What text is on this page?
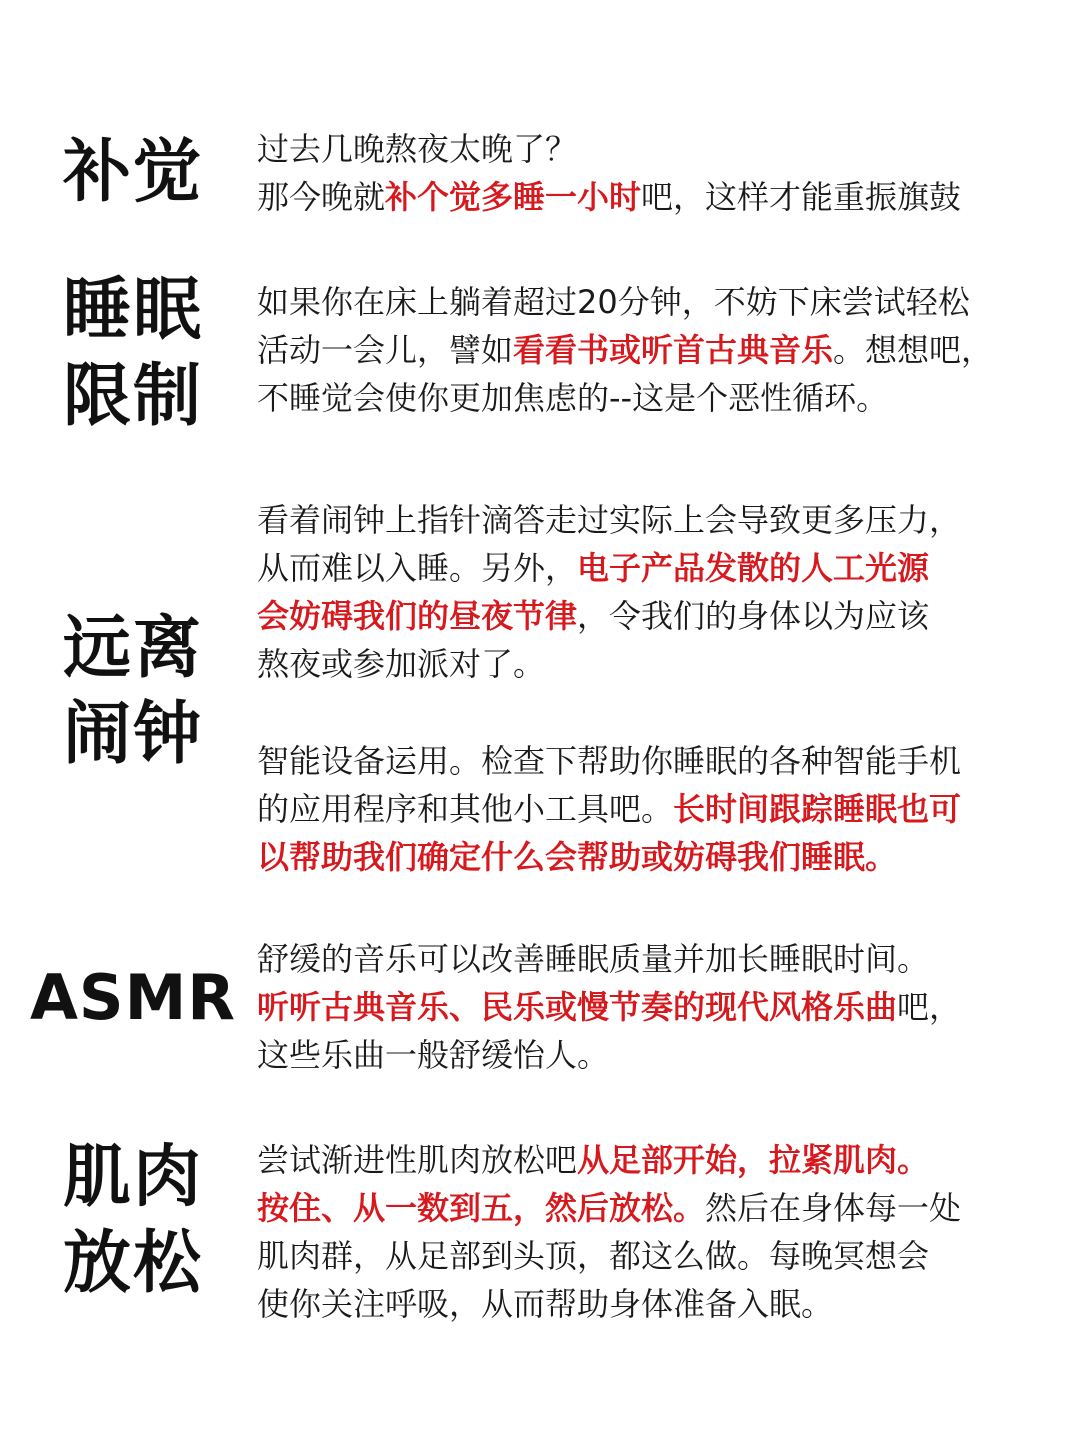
补觉	过去几晚熬夜太晚了？
那今晚就补个觉多睡一小时吧，这样才能重振旗鼓
睡眠
限制
如果你在床上躺着超过20分钟，不妨下床尝试轻松
活动一会儿，譬如看看书或听首古典音乐。想想吧，
不睡觉会使你更加焦虑的--这是个恶性循环。
远离
闹钟
看着闹钟上指针滴答走过实际上会导致更多压力，
从而难以入睡。另外，电子产品发散的人工光源
会妨碍我们的昼夜节律，令我们的身体以为应该
熬夜或参加派对了。
智能设备运用。检查下帮助你睡眠的各种智能手机
的应用程序和其他小工具吧。长时间跟踪睡眠也可
以帮助我们确定什么会帮助或妨碍我们睡眠。
ASMR
舒缓的音乐可以改善睡眠质量并加长睡眠时间。
听听古典音乐、民乐或慢节奏的现代风格乐曲吧，
这些乐曲一般舒缓怡人。
肌肉
放松
尝试渐进性肌肉放松吧从足部开始，拉紧肌肉。
按住、从一数到五，然后放松。然后在身体每一处
肌肉群，从足部到头顶，都这么做。每晚冥想会
使你关注呼吸，从而帮助身体准备入眠。
